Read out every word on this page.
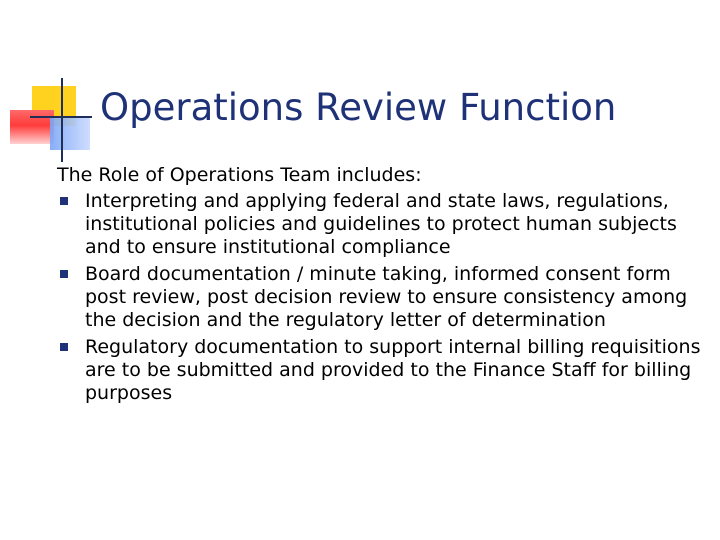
Operations Review Function
The Role of Operations Team includes:
Interpreting and applying federal and state laws, regulations, institutional policies and guidelines to protect human subjects and to ensure institutional compliance
Board documentation / minute taking, informed consent form post review, post decision review to ensure consistency among the decision and the regulatory letter of determination
Regulatory documentation to support internal billing requisitions are to be submitted and provided to the Finance Staff for billing purposes
